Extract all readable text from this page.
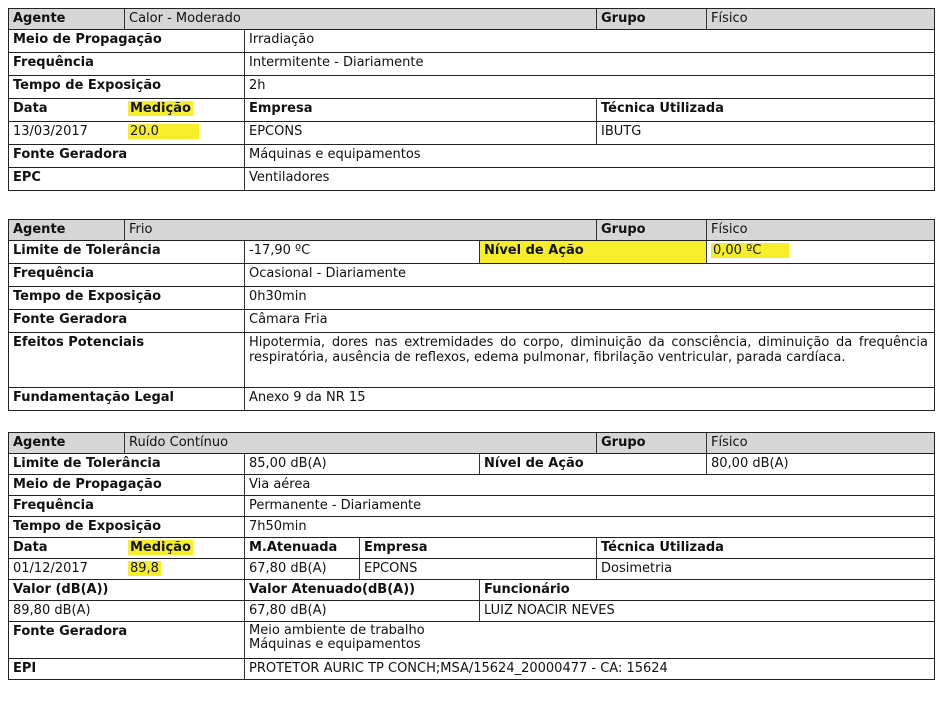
Agente	Calor - Moderado	Grupo	Físico
Meio de Propagação	Irradiação
Frequência	Intermitente - Diariamente
Tempo de Exposição	2h
Data	Medição	Empresa	Técnica Utilizada
13/03/2017	20.0	EPCONS	IBUTG
Fonte Geradora	Máquinas e equipamentos
EPC	Ventiladores
Agente	Frio	Grupo	Físico
Limite de Tolerância	-17,90 ºC	Nível de Ação	0,00 ºC
Frequência	Ocasional - Diariamente
Tempo de Exposição	0h30min
Fonte Geradora	Câmara Fria
Efeitos Potenciais	Hipotermia, dores nas extremidades do corpo, diminuição da consciência, diminuição da frequência respiratória, ausência de reflexos, edema pulmonar, fibrilação ventricular, parada cardíaca.
Fundamentação Legal	Anexo 9 da NR 15
Agente	Ruído Contínuo	Grupo	Físico
Limite de Tolerância	85,00 dB(A)	Nível de Ação	80,00 dB(A)
Meio de Propagação	Via aérea
Frequência	Permanente - Diariamente
Tempo de Exposição	7h50min
Data	Medição	M.Atenuada	Empresa	Técnica Utilizada
01/12/2017	89,8	67,80 dB(A)	EPCONS	Dosimetria
Valor (dB(A))	Valor Atenuado(dB(A))	Funcionário
89,80 dB(A)	67,80 dB(A)	LUIZ NOACIR NEVES
Fonte Geradora	Meio ambiente de trabalho
Máquinas e equipamentos
EPI	PROTETOR AURIC TP CONCH;MSA/15624_20000477 - CA: 15624
